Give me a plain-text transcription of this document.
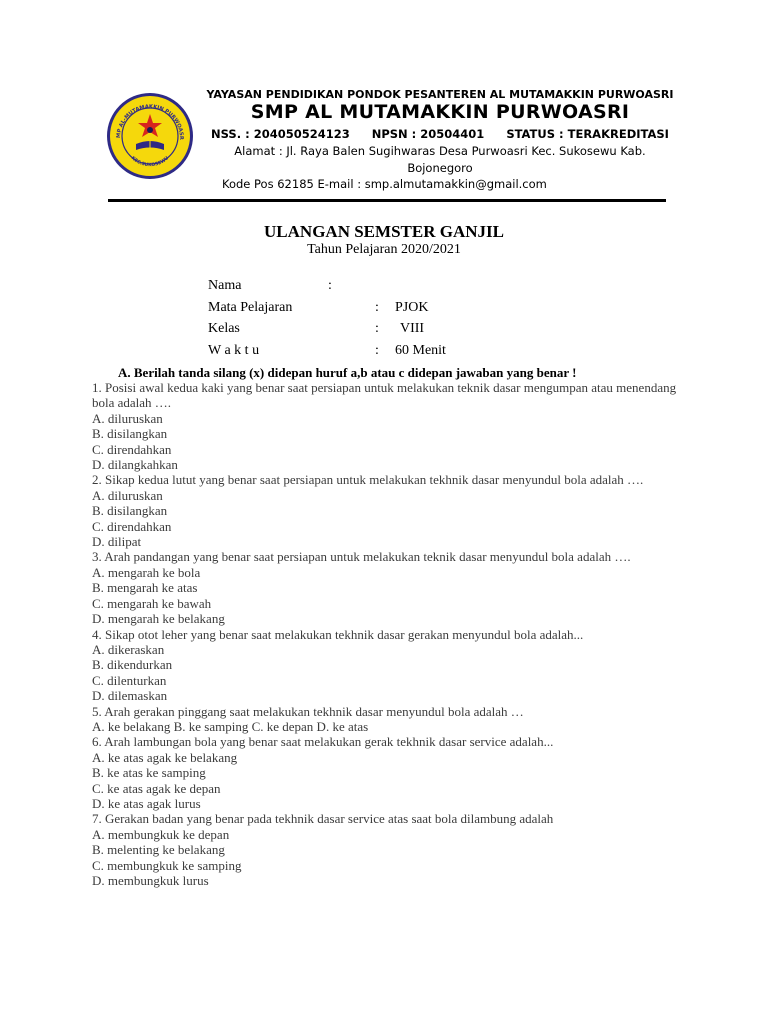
MP AL-MUTAMAKKIN PURWOASR
KEC.SUKOSEWU
YAYASAN PENDIDIKAN PONDOK PESANTEREN AL MUTAMAKKIN PURWOASRI
SMP AL MUTAMAKKIN PURWOASRI
NSS. : 204050524123 NPSN : 20504401 STATUS : TERAKREDITASI
Alamat : Jl. Raya Balen Sugihwaras Desa Purwoasri Kec. Sukosewu Kab.
Bojonegoro
Kode Pos 62185 E-mail : smp.almutamakkin@gmail.com
ULANGAN SEMSTER GANJIL
Tahun Pelajaran 2020/2021
Nama	:
Mata Pelajaran	: PJOK
Kelas	: VIII
W a k t u	: 60 Menit
A. Berilah tanda silang (x) didepan huruf a,b atau c didepan jawaban yang benar !

1. Posisi awal kedua kaki yang benar saat persiapan untuk melakukan teknik dasar mengumpan atau menendang bola adalah ….

A. diluruskan

B. disilangkan

C. direndahkan

D. dilangkahkan

2. Sikap kedua lutut yang benar saat persiapan untuk melakukan tekhnik dasar menyundul bola adalah ….

A. diluruskan

B. disilangkan

C. direndahkan

D. dilipat

3. Arah pandangan yang benar saat persiapan untuk melakukan teknik dasar menyundul bola adalah ….

A. mengarah ke bola

B. mengarah ke atas

C. mengarah ke bawah

D. mengarah ke belakang

4. Sikap otot leher yang benar saat melakukan tekhnik dasar gerakan menyundul bola adalah...

A. dikeraskan

B. dikendurkan

C. dilenturkan

D. dilemaskan

5. Arah gerakan pinggang saat melakukan tekhnik dasar menyundul bola adalah …

A. ke belakang B. ke samping C. ke depan D. ke atas

6. Arah lambungan bola yang benar saat melakukan gerak tekhnik dasar service adalah...

A. ke atas agak ke belakang

B. ke atas ke samping

C. ke atas agak ke depan

D. ke atas agak lurus

7. Gerakan badan yang benar pada tekhnik dasar service atas saat bola dilambung adalah

A. membungkuk ke depan

B. melenting ke belakang

C. membungkuk ke samping

D. membungkuk lurus
